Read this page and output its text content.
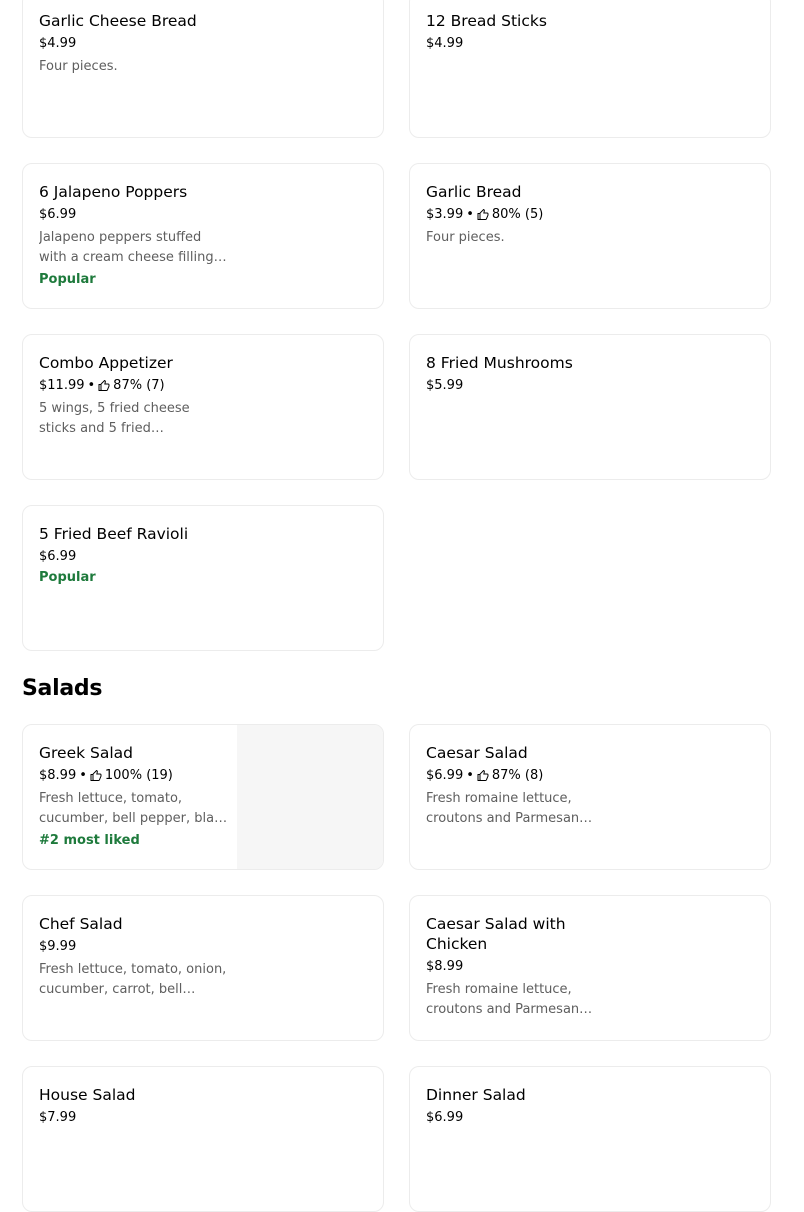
Garlic Cheese Bread
$4.99
Four pieces.
12 Bread Sticks
$4.99
6 Jalapeno Poppers
$6.99
Jalapeno peppers stuffed with a cream cheese filling,
Popular
Garlic Bread
$3.99 • 80% (5)
Four pieces.
Combo Appetizer
$11.99 • 87% (7)
5 wings, 5 fried cheese sticks and 5 fried
8 Fried Mushrooms
$5.99
5 Fried Beef Ravioli
$6.99
Popular
Salads
Greek Salad
$8.99 • 100% (19)
Fresh lettuce, tomato, cucumber, bell pepper, black
#2 most liked
Caesar Salad
$6.99 • 87% (8)
Fresh romaine lettuce, croutons and Parmesan
Chef Salad
$9.99
Fresh lettuce, tomato, onion, cucumber, carrot, bell
Caesar Salad with Chicken
$8.99
Fresh romaine lettuce, croutons and Parmesan
House Salad
$7.99
Dinner Salad
$6.99
